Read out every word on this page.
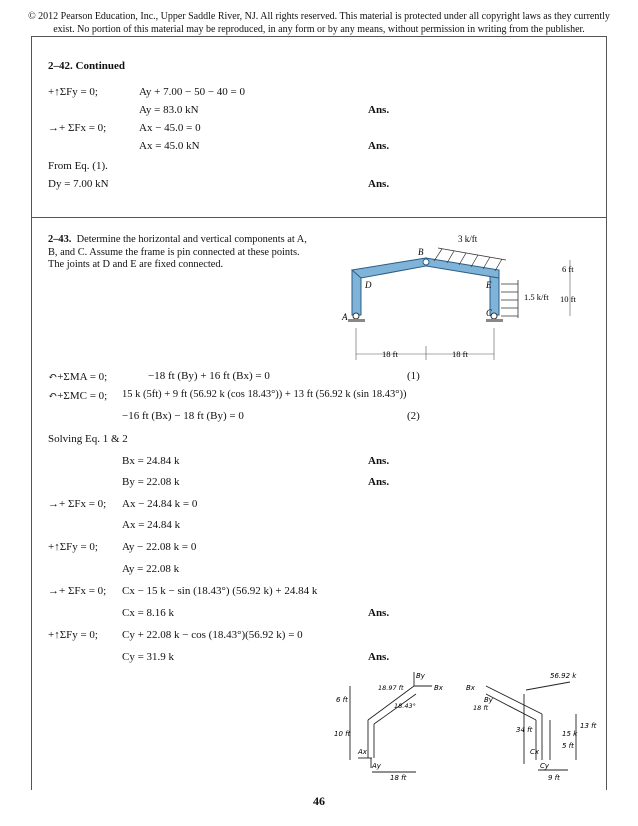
© 2012 Pearson Education, Inc., Upper Saddle River, NJ. All rights reserved. This material is protected under all copyright laws as they currently exist. No portion of this material may be reproduced, in any form or by any means, without permission in writing from the publisher.
2–42. Continued
+↑ΣFy = 0;	Ay + 7.00 − 50 − 40 = 0
Ay = 83.0 kN	Ans.
→+ ΣFx = 0;	Ax − 45.0 = 0
Ax = 45.0 kN	Ans.
From Eq. (1).
Dy = 7.00 kN	Ans.
2–43. Determine the horizontal and vertical components at A, B, and C. Assume the frame is pin connected at these points. The joints at D and E are fixed connected.
3 k/ft
1.5 k/ft
6 ft
10 ft
18 ft	18 ft
A
B
C
D	E
↶+ΣMA = 0;	−18 ft (By) + 16 ft (Bx) = 0	(1)
↶+ΣMC = 0; 15 k (5ft) + 9 ft (56.92 k (cos 18.43°)) + 13 ft (56.92 k (sin 18.43°))
−16 ft (Bx) − 18 ft (By) = 0	(2)
Solving Eq. 1 & 2
Bx = 24.84 k	Ans.
By = 22.08 k	Ans.
→+ ΣFx = 0; Ax − 24.84 k = 0
Ax = 24.84 k
+↑ΣFy = 0; Ay − 22.08 k = 0
Ay = 22.08 k
→+ ΣFx = 0; Cx − 15 k − sin (18.43°) (56.92 k) + 24.84 k
Cx = 8.16 k	Ans.
+↑ΣFy = 0; Cy + 22.08 k − cos (18.43°)(56.92 k) = 0
Cy = 31.9 k	Ans.
By
Bx
18.43°
6 ft
10 ft
Ax
Ay
18 ft
18.97 ft
56.92 k
Bx
By
18 ft
13 ft
15 k
5 ft
Cx
Cy
9 ft
34 ft
46
